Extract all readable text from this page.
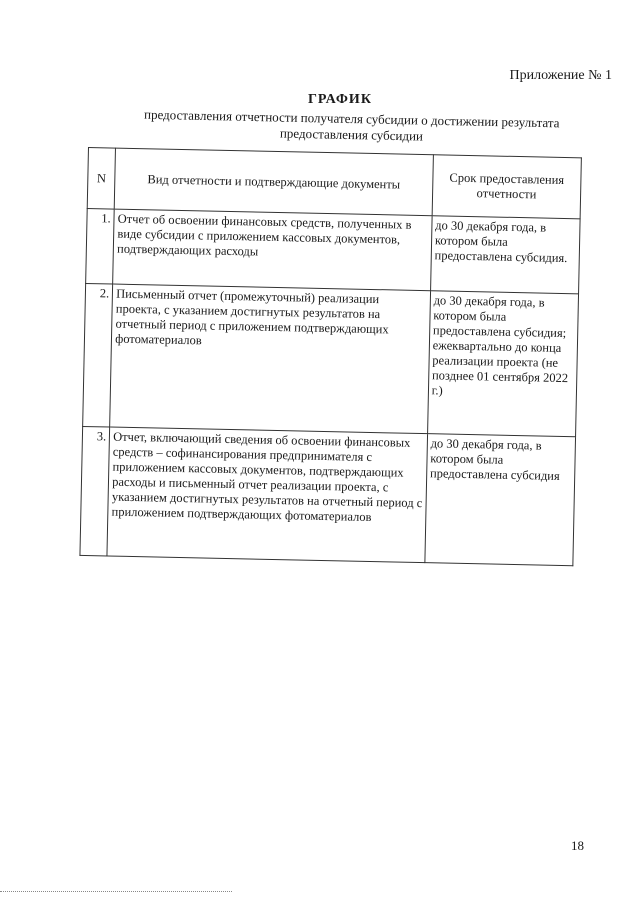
Приложение № 1
ГРАФИК
предоставления отчетности получателя субсидии о достижении результата
предоставления субсидии
N	Вид отчетности и подтверждающие документы	Срок предоставления отчетности
1.	Отчет об освоении финансовых средств, полученных в виде субсидии с приложением кассовых документов, подтверждающих расходы	до 30 декабря года, в котором была предоставлена субсидия.
2.	Письменный отчет (промежуточный) реализации проекта, с указанием достигнутых результатов на отчетный период с приложением подтверждающих фотоматериалов	до 30 декабря года, в котором была предоставлена субсидия; ежеквартально до конца реализации проекта (не позднее 01 сентября 2022 г.)
3.	Отчет, включающий сведения об освоении финансовых средств – софинансирования предпринимателя с приложением кассовых документов, подтверждающих расходы и письменный отчет реализации проекта, с указанием достигнутых результатов на отчетный период с приложением подтверждающих фотоматериалов	до 30 декабря года, в котором была предоставлена субсидия
18
